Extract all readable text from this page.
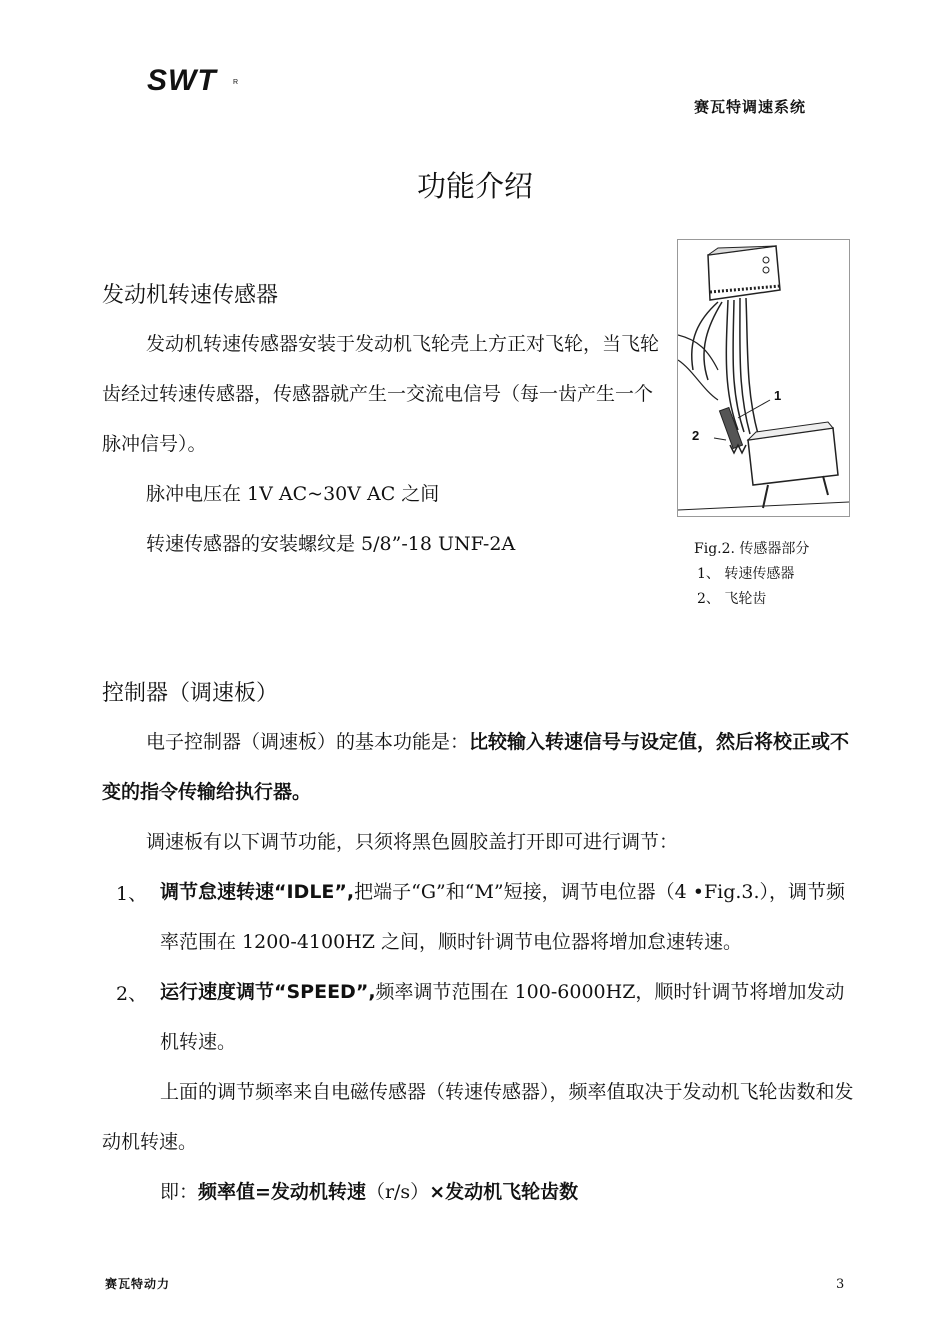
SWT R
赛瓦特调速系统
功能介绍
发动机转速传感器
发动机转速传感器安装于发动机飞轮壳上方正对飞轮，当飞轮齿经过转速传感器，传感器就产生一交流电信号（每一齿产生一个脉冲信号）。
脉冲电压在 1V AC~30V AC 之间
转速传感器的安装螺纹是 5/8”-18 UNF-2A
1
2
Fig.2. 传感器部分
1、 转速传感器
2、 飞轮齿
控制器（调速板）
电子控制器（调速板）的基本功能是：比较输入转速信号与设定值，然后将校正或不变的指令传输给执行器。
调速板有以下调节功能，只须将黑色圆胶盖打开即可进行调节：
1、 调节怠速转速“IDLE”,把端子“G”和“M”短接，调节电位器（4 •Fig.3.），调节频率范围在 1200-4100HZ 之间，顺时针调节电位器将增加怠速转速。
2、 运行速度调节“SPEED”,频率调节范围在 100-6000HZ，顺时针调节将增加发动机转速。
上面的调节频率来自电磁传感器（转速传感器），频率值取决于发动机飞轮齿数和发动机转速。
即：频率值=发动机转速（r/s）×发动机飞轮齿数
赛瓦特动力	3
